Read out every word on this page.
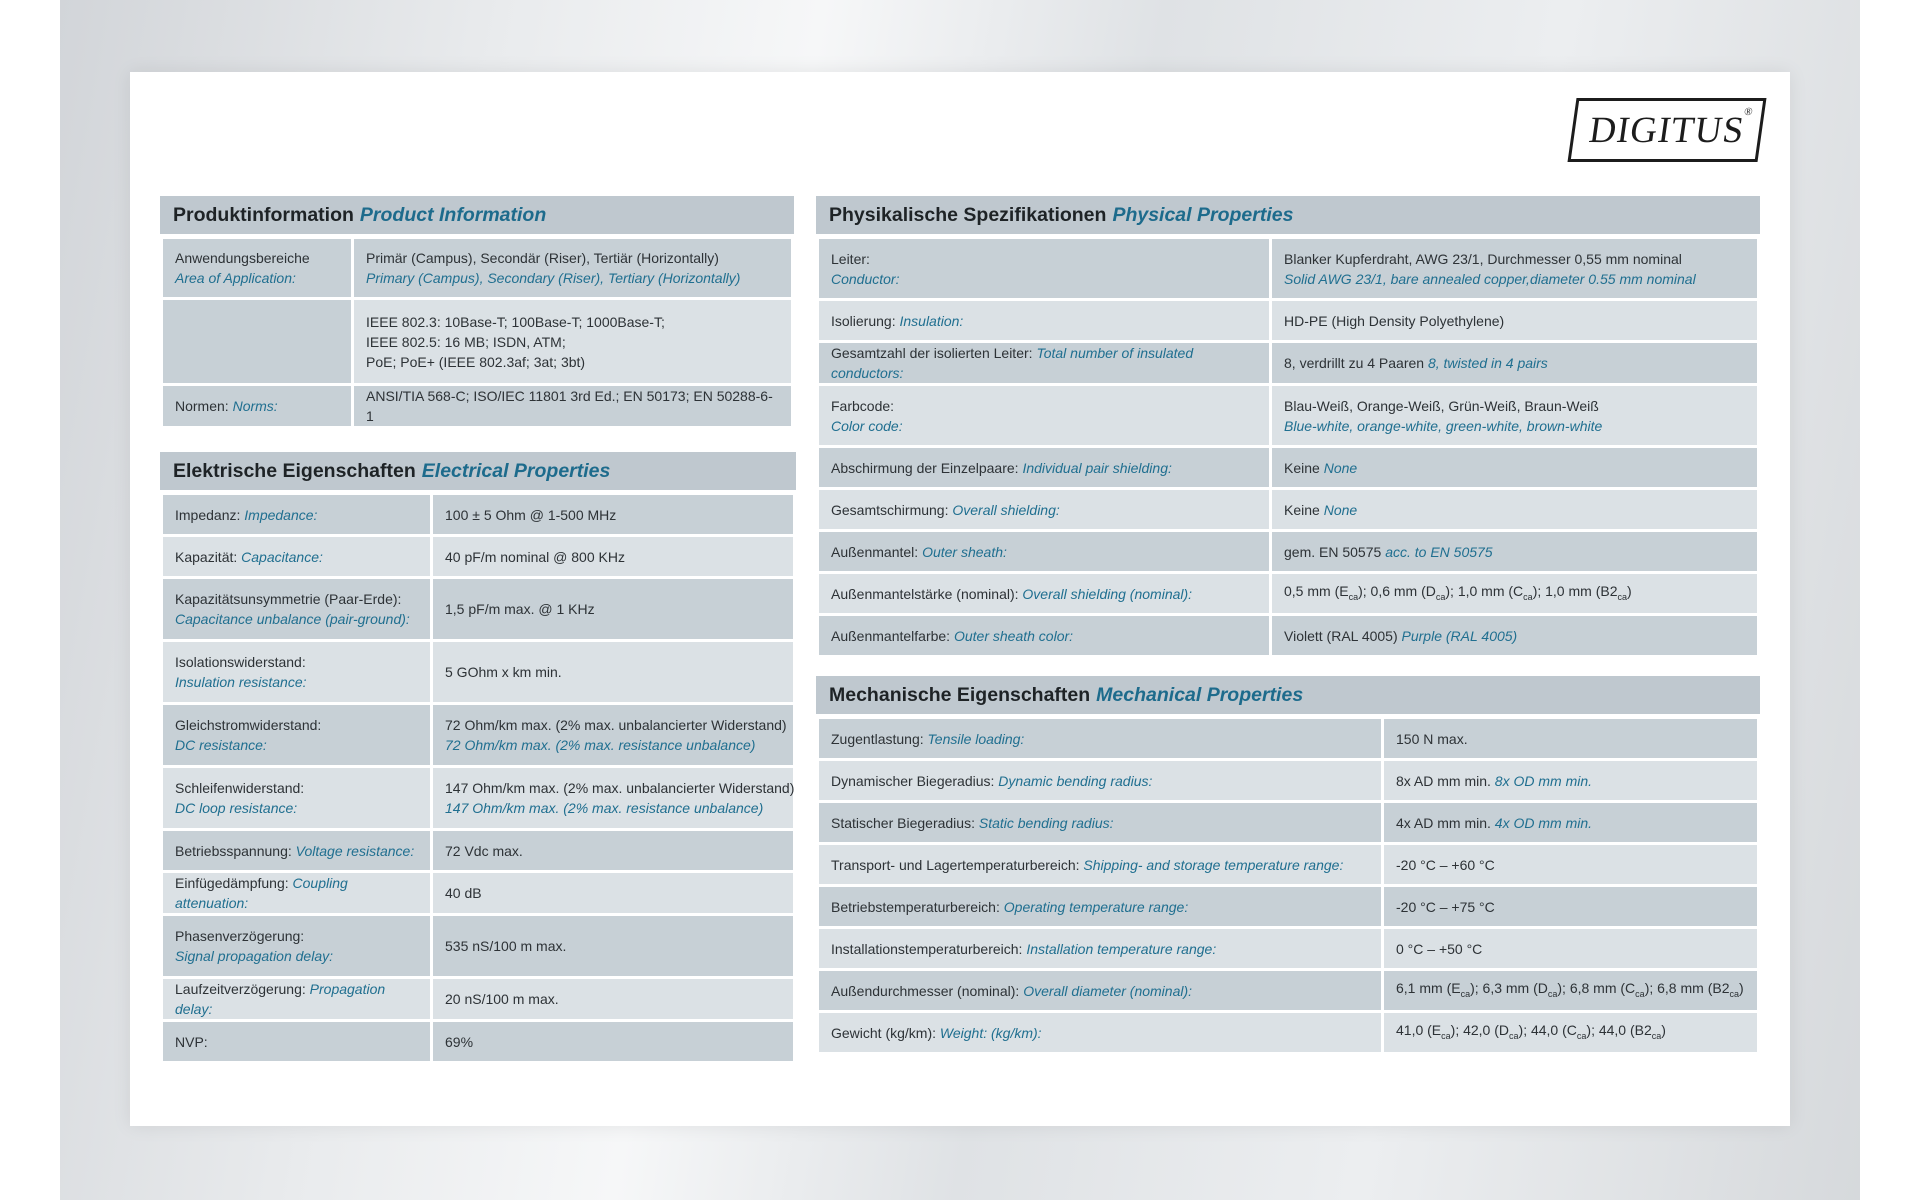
DIGITUS
®
Produktinformation Product Information
Anwendungsbereiche
Area of Application:	Primär (Campus), Secondär (Riser), Tertiär (Horizontally)
Primary (Campus), Secondary (Riser), Tertiary (Horizontally)

	IEEE 802.3: 10Base-T; 100Base-T; 1000Base-T;
IEEE 802.5: 16 MB; ISDN, ATM;
PoE; PoE+ (IEEE 802.3af; 3at; 3bt)

Normen: Norms:	ANSI/TIA 568-C; ISO/IEC 11801 3rd Ed.; EN 50173; EN 50288-6-1
Elektrische Eigenschaften Electrical Properties
Impedanz: Impedance:	100 ± 5 Ohm @ 1-500 MHz
Kapazität: Capacitance:	40 pF/m nominal @ 800 KHz

Kapazitätsunsymmetrie (Paar-Erde):
Capacitance unbalance (pair-ground):	1,5 pF/m max. @ 1 KHz

Isolationswiderstand:
Insulation resistance:	5 GOhm x km min.

Gleichstromwiderstand:
DC resistance:	72 Ohm/km max. (2% max. unbalancierter Widerstand)
72 Ohm/km max. (2% max. resistance unbalance)

Schleifenwiderstand:
DC loop resistance:	147 Ohm/km max. (2% max. unbalancierter Widerstand)
147 Ohm/km max. (2% max. resistance unbalance)

Betriebsspannung: Voltage resistance:	72 Vdc max.
Einfügedämpfung: Coupling attenuation:	40 dB

Phasenverzögerung:
Signal propagation delay:	535 nS/100 m max.
Laufzeitverzögerung: Propagation delay:	20 nS/100 m max.
NVP:	69%
Physikalische Spezifikationen Physical Properties
Leiter:
Conductor:	Blanker Kupferdraht, AWG 23/1, Durchmesser 0,55 mm nominal
Solid AWG 23/1, bare annealed copper,diameter 0.55 mm nominal

Isolierung: Insulation:	HD-PE (High Density Polyethylene)
Gesamtzahl der isolierten Leiter: Total number of insulated conductors:	8, verdrillt zu 4 Paaren 8, twisted in 4 pairs

Farbcode:
Color code:	Blau-Weiß, Orange-Weiß, Grün-Weiß, Braun-Weiß
Blue-white, orange-white, green-white, brown-white

Abschirmung der Einzelpaare: Individual pair shielding:	Keine None
Gesamtschirmung: Overall shielding:	Keine None
Außenmantel: Outer sheath:	gem. EN 50575 acc. to EN 50575
Außenmantelstärke (nominal): Overall shielding (nominal):	0,5 mm $(E_{ca})$; 0,6 mm $(D_{ca})$; 1,0 mm $(C_{ca})$; 1,0 mm $(B2_{ca})$
Außenmantelfarbe: Outer sheath color:	Violett (RAL 4005) Purple (RAL 4005)
Mechanische Eigenschaften Mechanical Properties
Zugentlastung: Tensile loading:	150 N max.
Dynamischer Biegeradius: Dynamic bending radius:	8x AD mm min. 8x OD mm min.
Statischer Biegeradius: Static bending radius:	4x AD mm min. 4x OD mm min.
Transport- und Lagertemperaturbereich: Shipping- and storage temperature range:	-20 °C – +60 °C
Betriebstemperaturbereich: Operating temperature range:	-20 °C – +75 °C
Installationstemperaturbereich: Installation temperature range:	0 °C – +50 °C
Außendurchmesser (nominal): Overall diameter (nominal):	6,1 mm $(E_{ca})$; 6,3 mm $(D_{ca})$; 6,8 mm $(C_{ca})$; 6,8 mm $(B2_{ca})$
Gewicht (kg/km): Weight: (kg/km):	41,0 $(E_{ca})$; 42,0 $(D_{ca})$; 44,0 $(C_{ca})$; 44,0 $(B2_{ca})$
